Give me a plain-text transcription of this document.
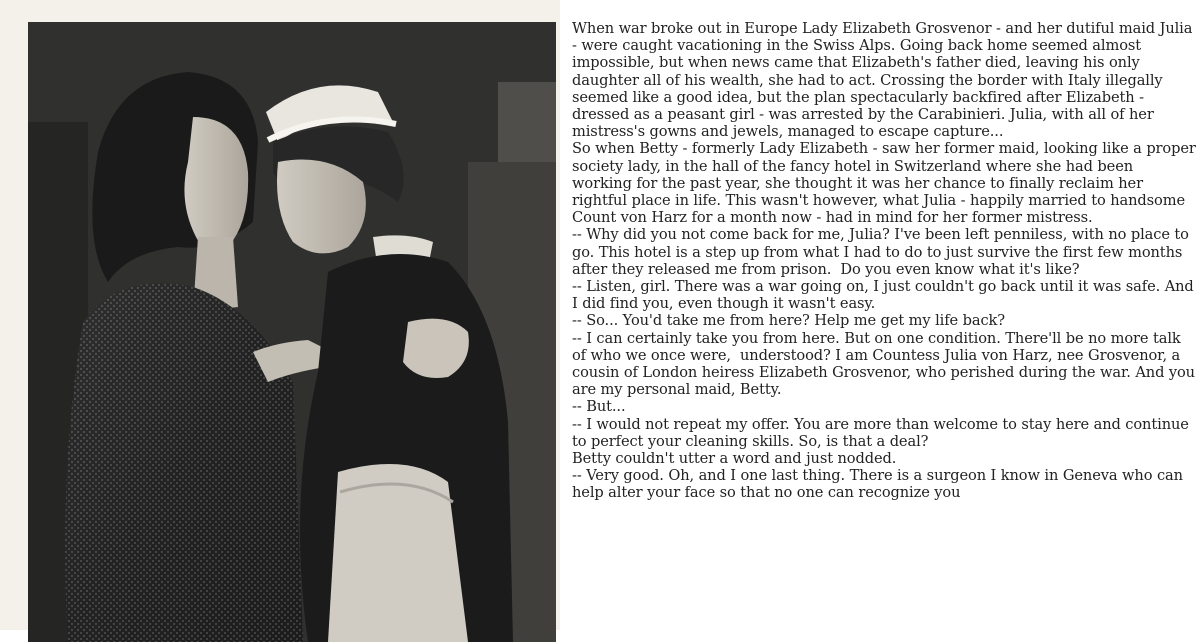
When war broke out in Europe Lady Elizabeth Grosvenor - and her dutiful maid Julia - were caught vacationing in the Swiss Alps. Going back home seemed almost impossible, but when news came that Elizabeth's father died, leaving his only daughter all of his wealth, she had to act. Crossing the border with Italy illegally seemed like a good idea, but the plan spectacularly backfired after Elizabeth - dressed as a peasant girl - was arrested by the Carabinieri. Julia, with all of her mistress's gowns and jewels, managed to escape capture...

So when Betty - formerly Lady Elizabeth - saw her former maid, looking like a proper society lady, in the hall of the fancy hotel in Switzerland where she had been working for the past year, she thought it was her chance to finally reclaim her rightful place in life. This wasn't however, what Julia - happily married to handsome Count von Harz for a month now - had in mind for her former mistress.

-- Why did you not come back for me, Julia? I've been left penniless, with no place to go. This hotel is a step up from what I had to do to just survive the first few months after they released me from prison.  Do you even know what it's like?

-- Listen, girl. There was a war going on, I just couldn't go back until it was safe. And I did find you, even though it wasn't easy.

-- So... You'd take me from here? Help me get my life back?

-- I can certainly take you from here. But on one condition. There'll be no more talk of who we once were,  understood? I am Countess Julia von Harz, nee Grosvenor, a cousin of London heiress Elizabeth Grosvenor, who perished during the war. And you are my personal maid, Betty.

-- But...

-- I would not repeat my offer. You are more than welcome to stay here and continue to perfect your cleaning skills. So, is that a deal?

Betty couldn't utter a word and just nodded.

-- Very good. Oh, and I one last thing. There is a surgeon I know in Geneva who can help alter your face so that no one can recognize you
